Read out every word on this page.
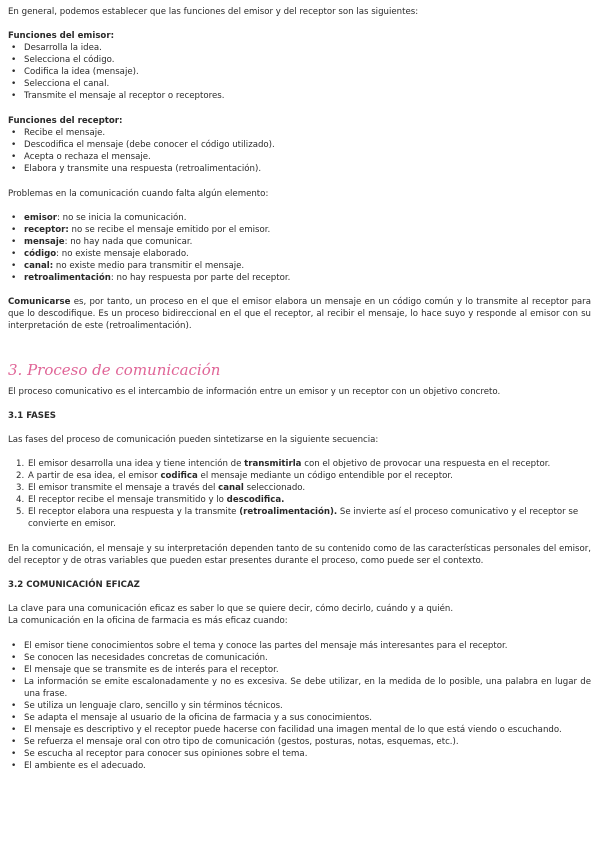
En general, podemos establecer que las funciones del emisor y del receptor son las siguientes:

Funciones del emisor:

• Desarrolla la idea.
• Selecciona el código.
• Codifica la idea (mensaje).
• Selecciona el canal.
• Transmite el mensaje al receptor o receptores.

Funciones del receptor:

• Recibe el mensaje.
• Descodifica el mensaje (debe conocer el código utilizado).
• Acepta o rechaza el mensaje.
• Elabora y transmite una respuesta (retroalimentación).

Problemas en la comunicación cuando falta algún elemento:

• emisor: no se inicia la comunicación.
• receptor: no se recibe el mensaje emitido por el emisor.
• mensaje: no hay nada que comunicar.
• código: no existe mensaje elaborado.
• canal: no existe medio para transmitir el mensaje.
• retroalimentación: no hay respuesta por parte del receptor.

Comunicarse es, por tanto, un proceso en el que el emisor elabora un mensaje en un código común y lo transmite al receptor para que lo descodifique. Es un proceso bidireccional en el que el receptor, al recibir el mensaje, lo hace suyo y responde al emisor con su interpretación de este (retroalimentación).

3. Proceso de comunicación

El proceso comunicativo es el intercambio de información entre un emisor y un receptor con un objetivo concreto.

3.1 FASES

Las fases del proceso de comunicación pueden sintetizarse en la siguiente secuencia:

1. El emisor desarrolla una idea y tiene intención de transmitirla con el objetivo de provocar una respuesta en el receptor.
2. A partir de esa idea, el emisor codifica el mensaje mediante un código entendible por el receptor.
3. El emisor transmite el mensaje a través del canal seleccionado.
4. El receptor recibe el mensaje transmitido y lo descodifica.
5. El receptor elabora una respuesta y la transmite (retroalimentación). Se invierte así el proceso comunicativo y el receptor se convierte en emisor.

En la comunicación, el mensaje y su interpretación dependen tanto de su contenido como de las características personales del emisor, del receptor y de otras variables que pueden estar presentes durante el proceso, como puede ser el contexto.

3.2 COMUNICACIÓN EFICAZ

La clave para una comunicación eficaz es saber lo que se quiere decir, cómo decirlo, cuándo y a quién.

La comunicación en la oficina de farmacia es más eficaz cuando:

• El emisor tiene conocimientos sobre el tema y conoce las partes del mensaje más interesantes para el receptor.
• Se conocen las necesidades concretas de comunicación.
• El mensaje que se transmite es de interés para el receptor.
• La información se emite escalonadamente y no es excesiva. Se debe utilizar, en la medida de lo posible, una palabra en lugar de una frase.
• Se utiliza un lenguaje claro, sencillo y sin términos técnicos.
• Se adapta el mensaje al usuario de la oficina de farmacia y a sus conocimientos.
• El mensaje es descriptivo y el receptor puede hacerse con facilidad una imagen mental de lo que está viendo o escuchando.
• Se refuerza el mensaje oral con otro tipo de comunicación (gestos, posturas, notas, esquemas, etc.).
• Se escucha al receptor para conocer sus opiniones sobre el tema.
• El ambiente es el adecuado.
